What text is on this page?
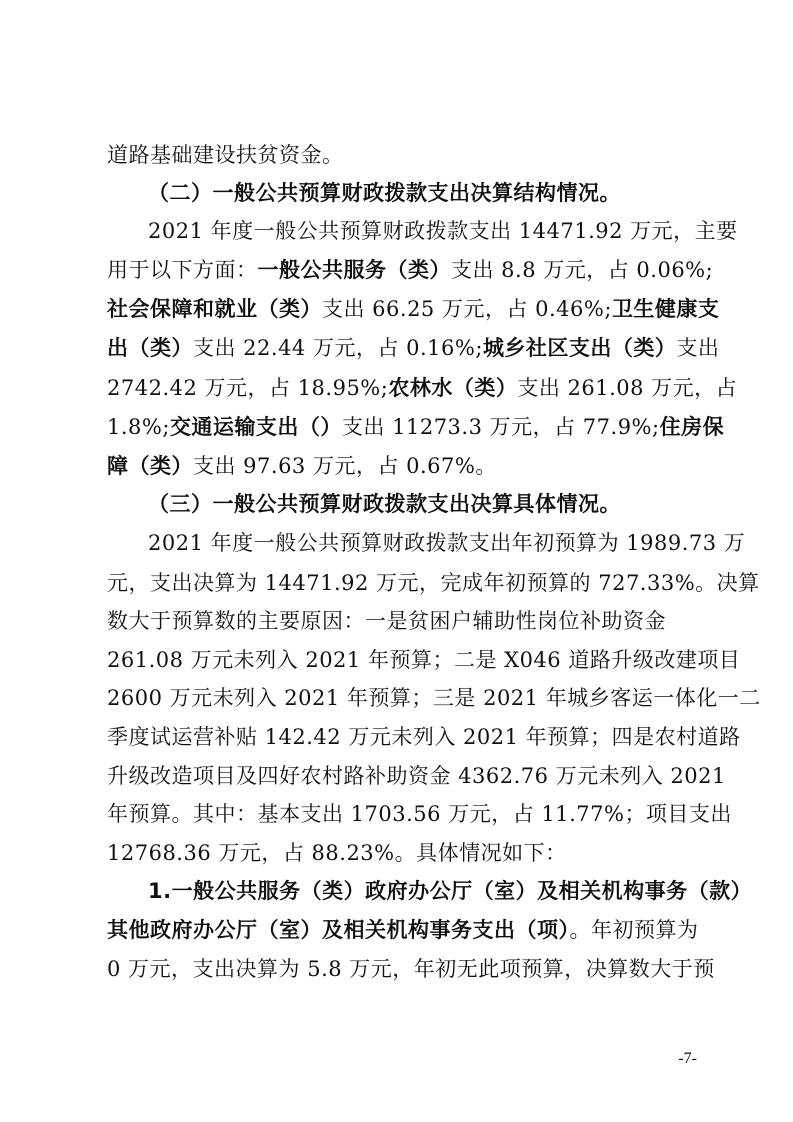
道路基础建设扶贫资金。
（二）一般公共预算财政拨款支出决算结构情况。
2021 年度一般公共预算财政拨款支出 14471.92 万元，主要
用于以下方面：一般公共服务（类）支出 8.8 万元，占 0.06%;
社会保障和就业（类）支出 66.25 万元，占 0.46%;卫生健康支
出（类）支出 22.44 万元，占 0.16%;城乡社区支出（类）支出
2742.42 万元，占 18.95%;农林水（类）支出 261.08 万元，占
1.8%;交通运输支出（）支出 11273.3 万元，占 77.9%;住房保
障（类）支出 97.63 万元，占 0.67%。
（三）一般公共预算财政拨款支出决算具体情况。
2021 年度一般公共预算财政拨款支出年初预算为 1989.73 万
元，支出决算为 14471.92 万元，完成年初预算的 727.33%。决算
数大于预算数的主要原因：一是贫困户辅助性岗位补助资金
261.08 万元未列入 2021 年预算；二是 X046 道路升级改建项目
2600 万元未列入 2021 年预算；三是 2021 年城乡客运一体化一二
季度试运营补贴 142.42 万元未列入 2021 年预算；四是农村道路
升级改造项目及四好农村路补助资金 4362.76 万元未列入 2021
年预算。其中：基本支出 1703.56 万元，占 11.77%；项目支出
12768.36 万元，占 88.23%。具体情况如下：
1.一般公共服务（类）政府办公厅（室）及相关机构事务（款）
其他政府办公厅（室）及相关机构事务支出（项）。年初预算为
0 万元，支出决算为 5.8 万元，年初无此项预算，决算数大于预
-7-
